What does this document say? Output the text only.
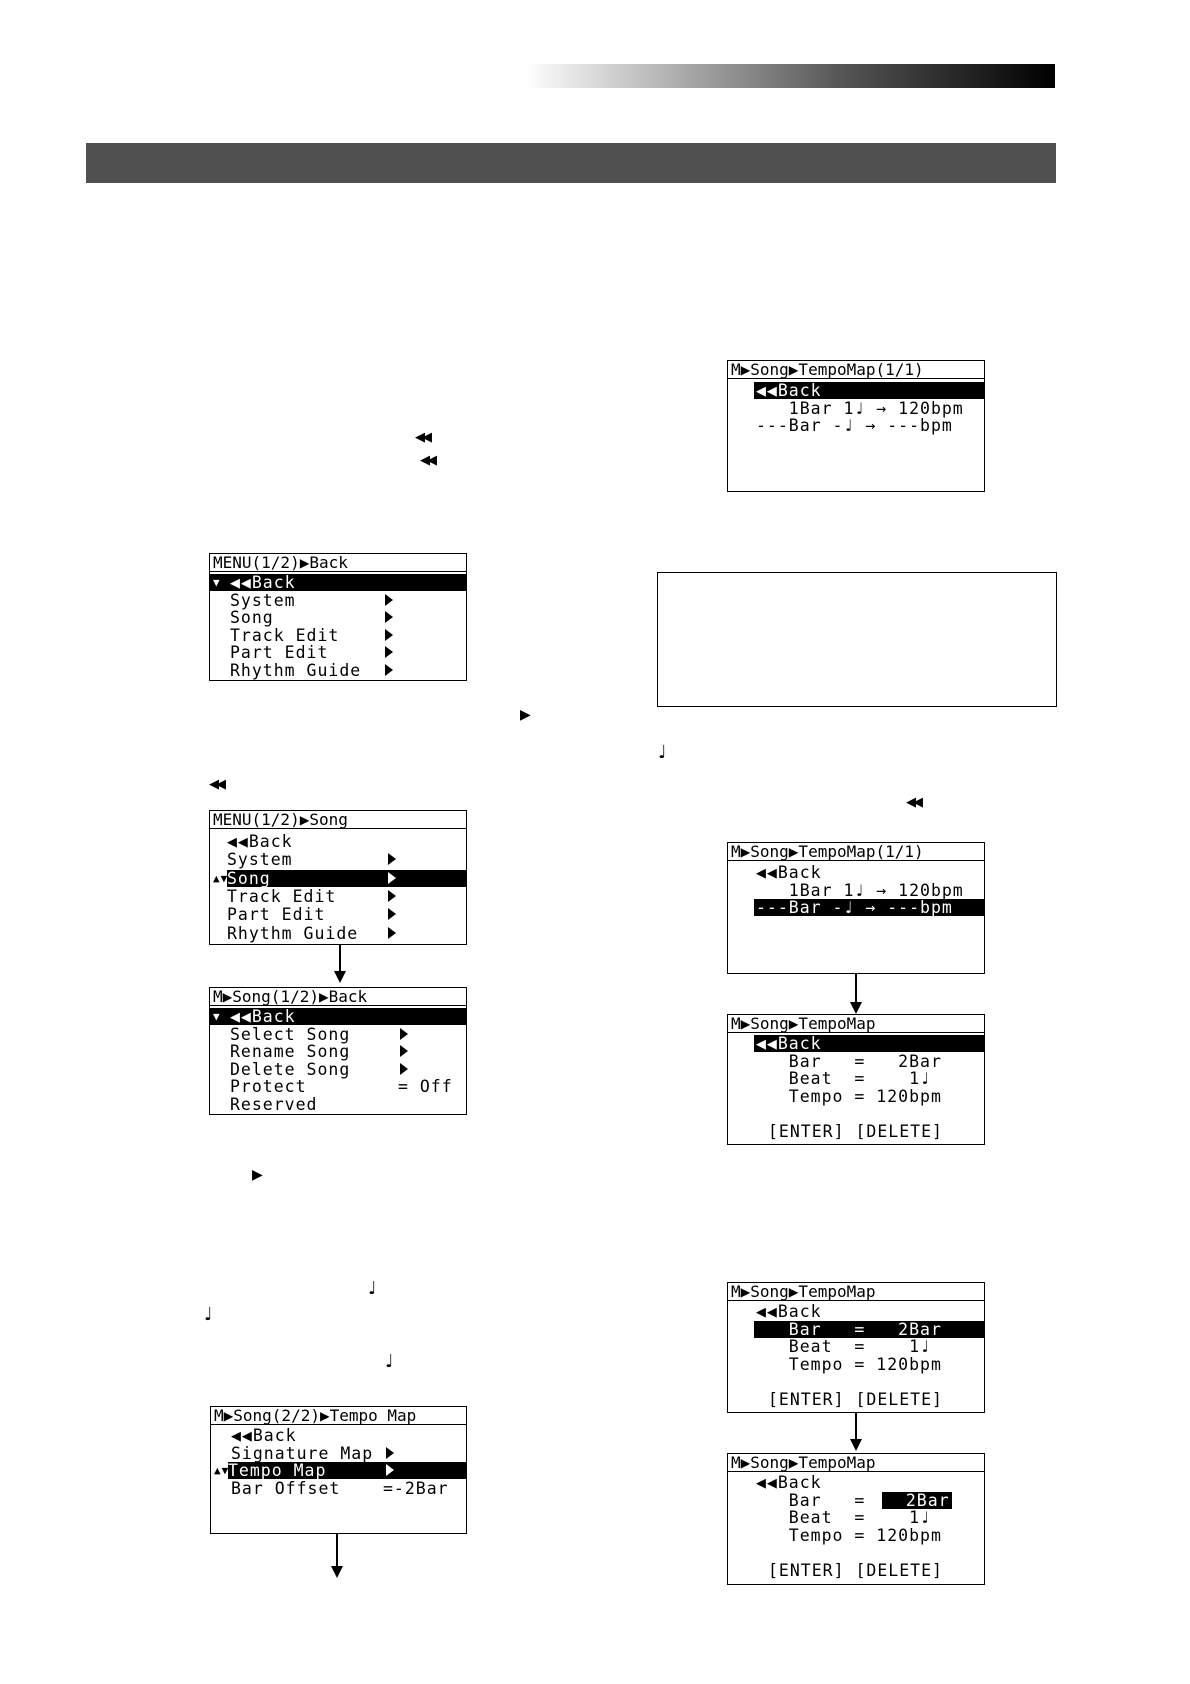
◀◀
◀◀
▶
◀◀
▶
♩
♩
♩
♩
◀◀
MENU(1/2)▶Back
▼ ◀◀Back
System
Song
Track Edit
Part Edit
Rhythm Guide
MENU(1/2)▶Song
◀◀Back
System
▲▼
Song
Track Edit
Part Edit
Rhythm Guide
M▶Song(1/2)▶Back
▼ ◀◀Back
Select Song
Rename Song
Delete Song
Protect	= Off
Reserved
M▶Song(2/2)▶Tempo Map
◀◀Back
Signature Map
▲▼
Tempo Map
Bar Offset	=-2Bar
M▶Song▶TempoMap(1/1)
◀◀Back
1Bar 1♩ → 120bpm
---Bar -♩ → ---bpm
M▶Song▶TempoMap(1/1)
◀◀Back
1Bar 1♩ → 120bpm
---Bar -♩ → ---bpm
M▶Song▶TempoMap
◀◀Back
Bar   =   2Bar
Beat  =    1♩
Tempo = 120bpm
[ENTER] [DELETE]
M▶Song▶TempoMap
◀◀Back
Bar   =   2Bar
Beat  =    1♩
Tempo = 120bpm
[ENTER] [DELETE]
M▶Song▶TempoMap
◀◀Back
Bar   = 2Bar
Beat  =    1♩
Tempo = 120bpm
[ENTER] [DELETE]
